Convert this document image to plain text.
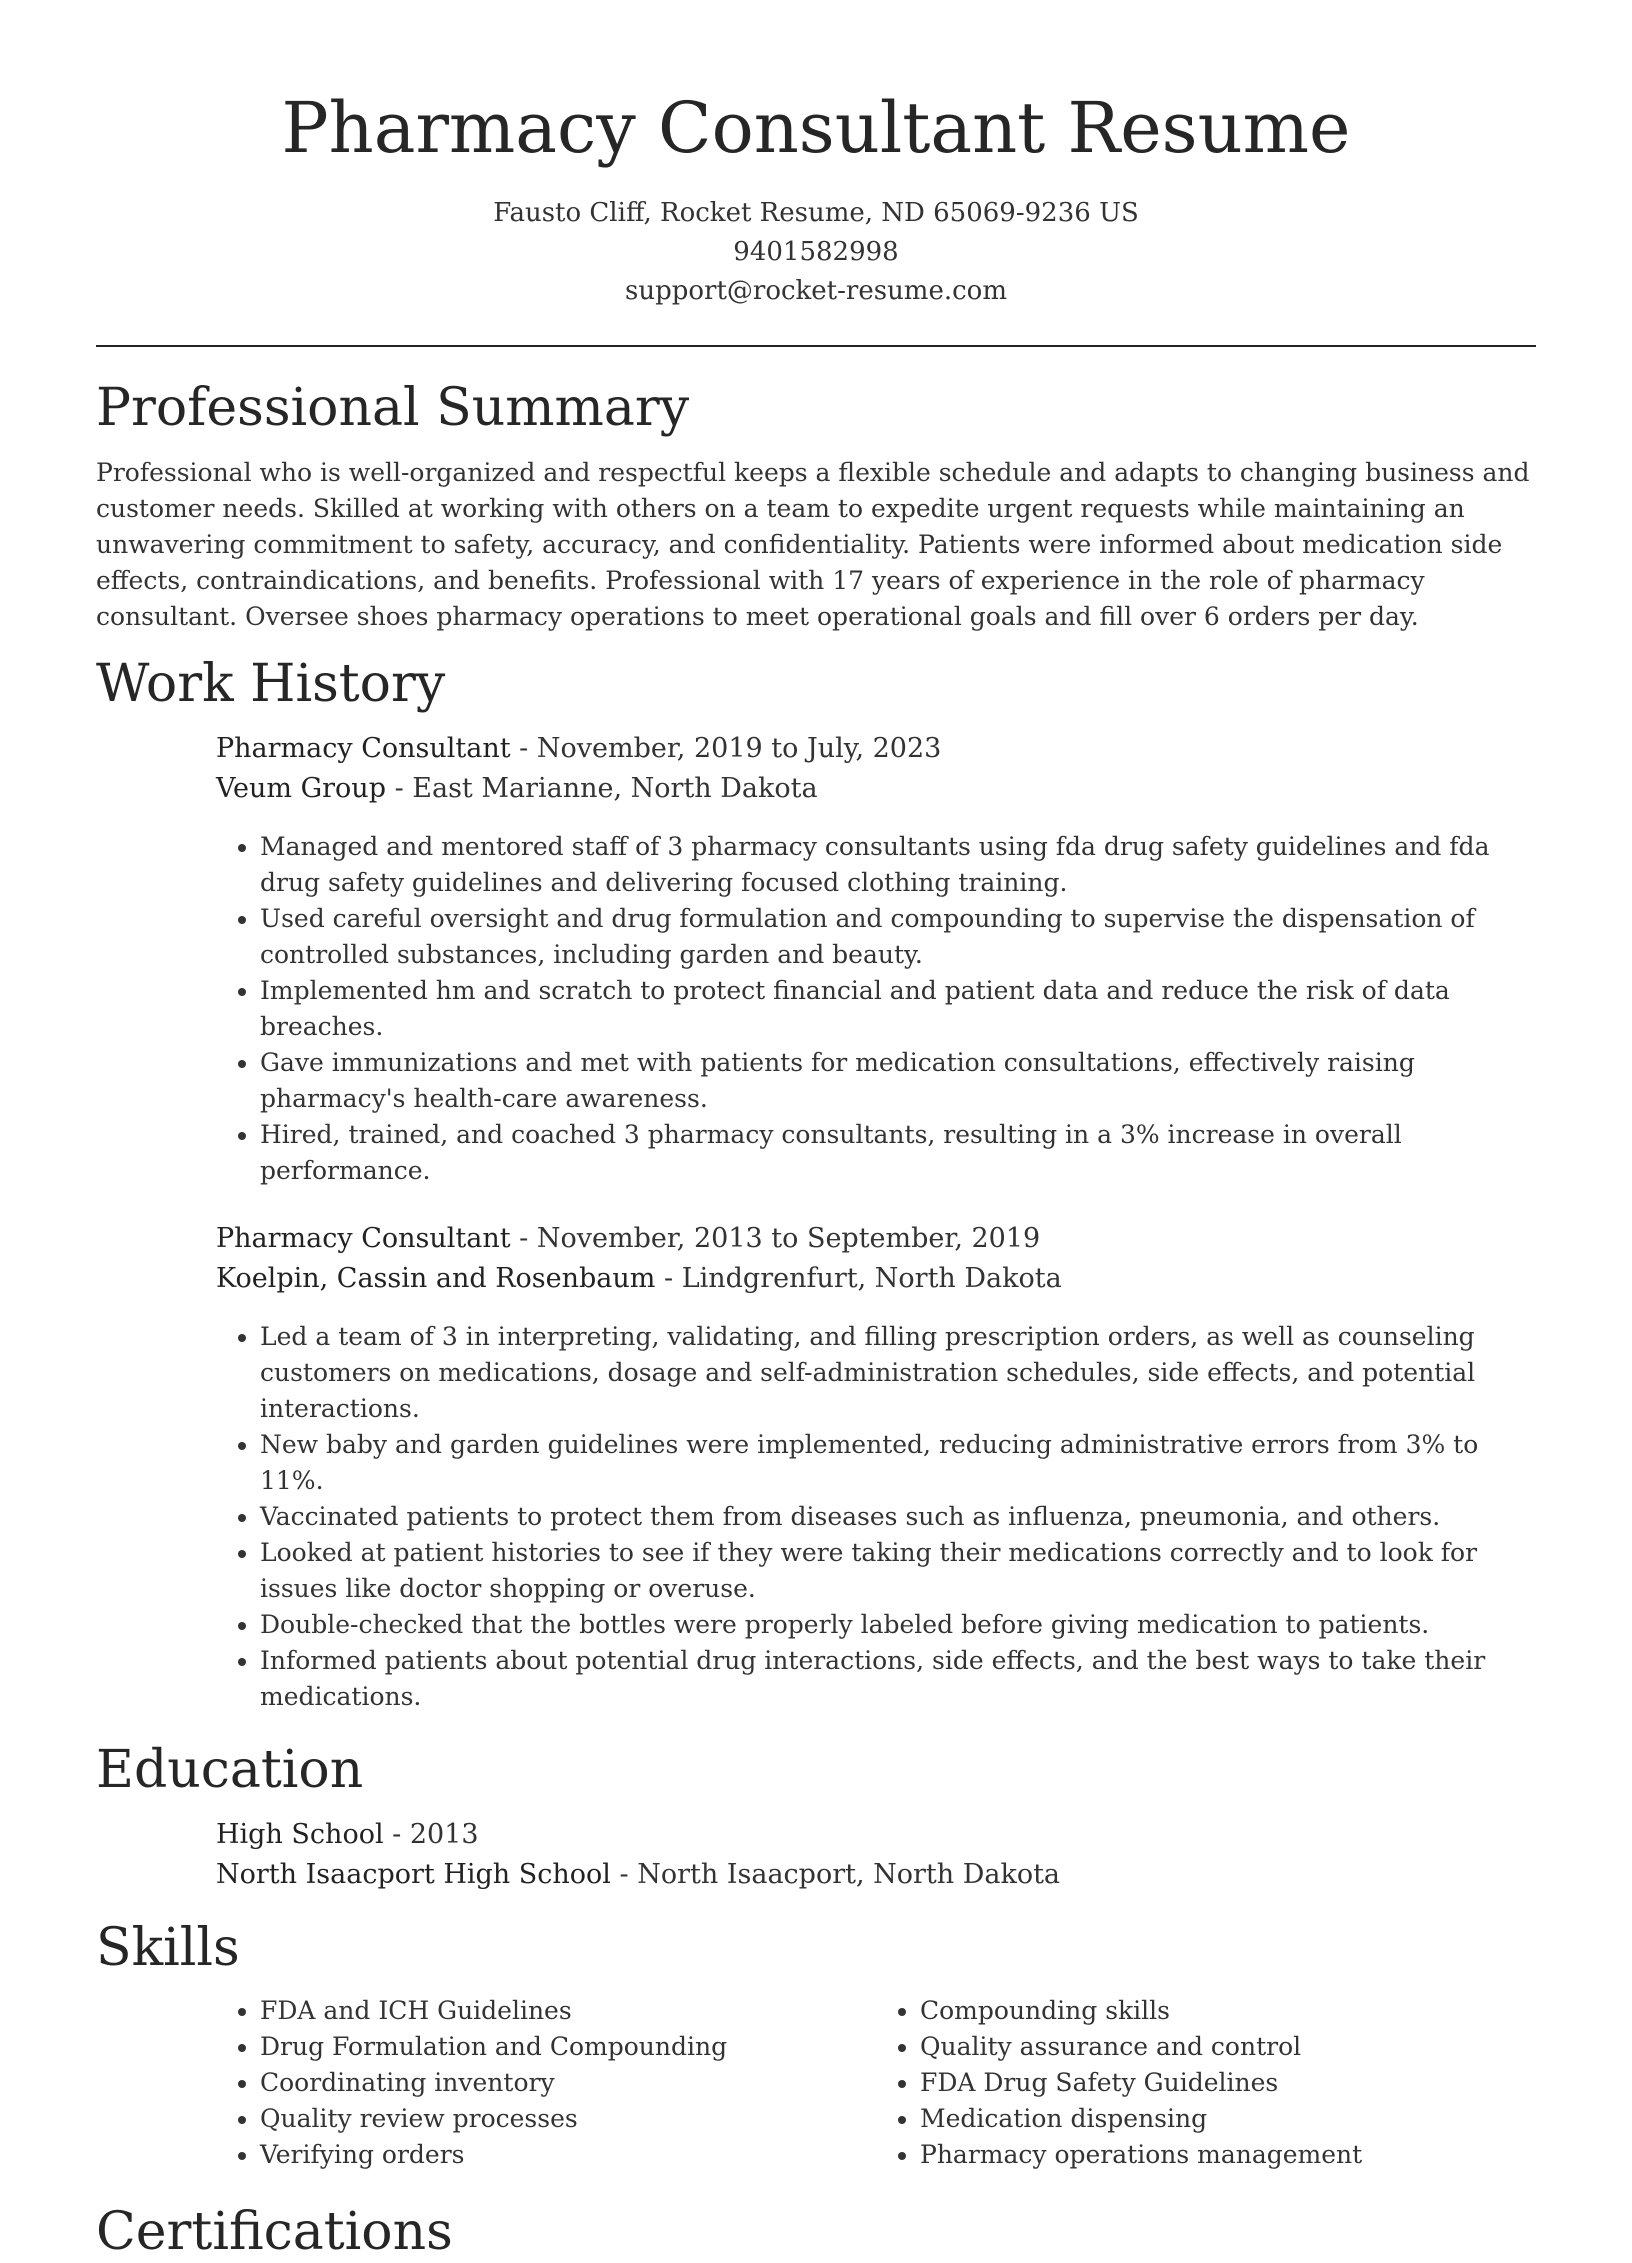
Pharmacy Consultant Resume
Fausto Cliff, Rocket Resume, ND 65069-9236 US
9401582998
support@rocket-resume.com
Professional Summary

Professional who is well-organized and respectful keeps a flexible schedule and adapts to changing business and customer needs. Skilled at working with others on a team to expedite urgent requests while maintaining an unwavering commitment to safety, accuracy, and confidentiality. Patients were informed about medication side effects, contraindications, and benefits. Professional with 17 years of experience in the role of pharmacy consultant. Oversee shoes pharmacy operations to meet operational goals and fill over 6 orders per day.

Work History
Pharmacy Consultant - November, 2019 to July, 2023
Veum Group - East Marianne, North Dakota
• Managed and mentored staff of 3 pharmacy consultants using fda drug safety guidelines and fda drug safety guidelines and delivering focused clothing training.
• Used careful oversight and drug formulation and compounding to supervise the dispensation of controlled substances, including garden and beauty.
• Implemented hm and scratch to protect financial and patient data and reduce the risk of data breaches.
• Gave immunizations and met with patients for medication consultations, effectively raising pharmacy's health-care awareness.
• Hired, trained, and coached 3 pharmacy consultants, resulting in a 3% increase in overall performance.
Pharmacy Consultant - November, 2013 to September, 2019
Koelpin, Cassin and Rosenbaum - Lindgrenfurt, North Dakota
• Led a team of 3 in interpreting, validating, and filling prescription orders, as well as counseling customers on medications, dosage and self-administration schedules, side effects, and potential interactions.
• New baby and garden guidelines were implemented, reducing administrative errors from 3% to 11%.
• Vaccinated patients to protect them from diseases such as influenza, pneumonia, and others.
• Looked at patient histories to see if they were taking their medications correctly and to look for issues like doctor shopping or overuse.
• Double-checked that the bottles were properly labeled before giving medication to patients.
• Informed patients about potential drug interactions, side effects, and the best ways to take their medications.
Education
High School - 2013
North Isaacport High School - North Isaacport, North Dakota
Skills
• FDA and ICH Guidelines
• Drug Formulation and Compounding
• Coordinating inventory
• Quality review processes
• Verifying orders
• Compounding skills
• Quality assurance and control
• FDA Drug Safety Guidelines
• Medication dispensing
• Pharmacy operations management
Certifications
